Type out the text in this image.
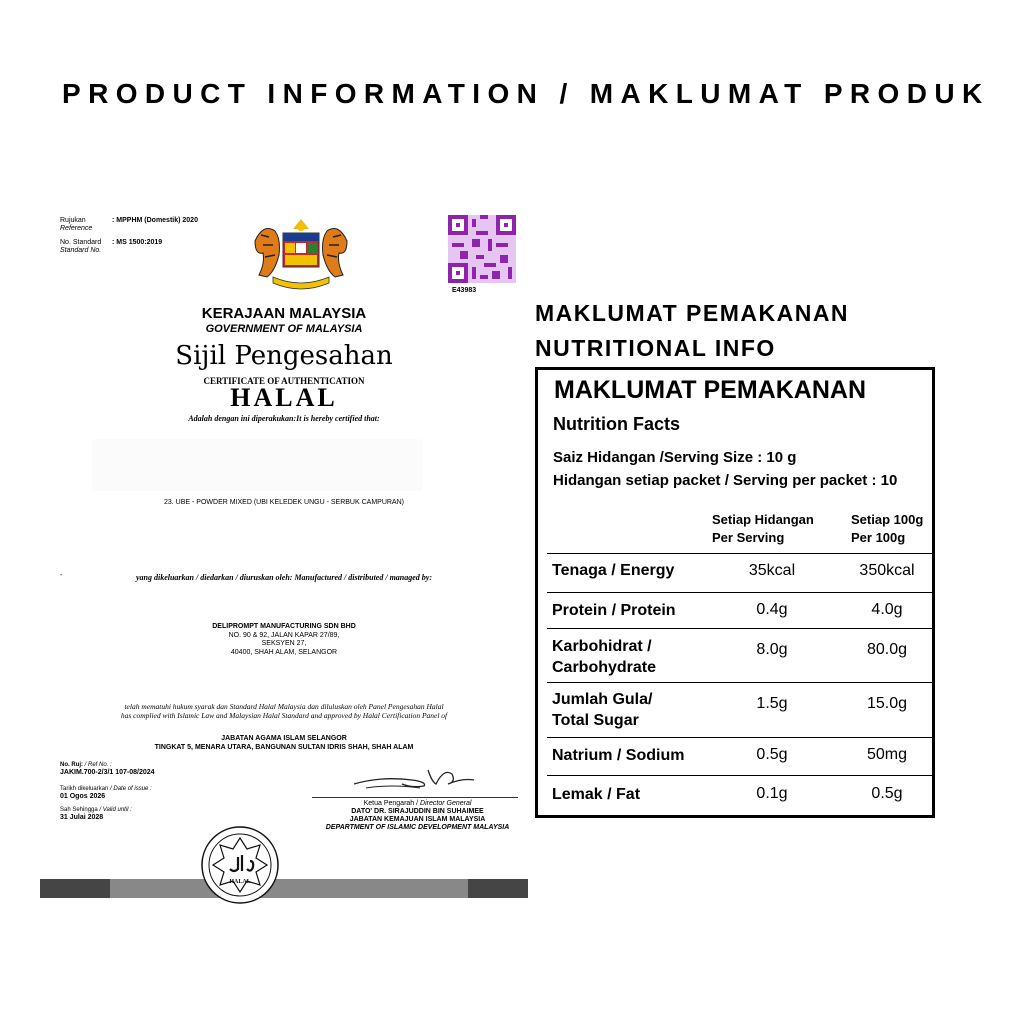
PRODUCT INFORMATION / MAKLUMAT PRODUK
Rujukan
Reference
: MPPHM (Domestik) 2020
No. Standard
Standard No.
: MS 1500:2019
E43983
KERAJAAN MALAYSIA
GOVERNMENT OF MALAYSIA
Sijil Pengesahan
CERTIFICATE OF AUTHENTICATION
HALAL
Adalah dengan ini diperakukan:It is hereby certified that:
23. UBE - POWDER MIXED (UBI KELEDEK UNGU - SERBUK CAMPURAN)
-	yang dikeluarkan / diedarkan / diuruskan oleh: Manufactured / distributed / managed by:
DELIPROMPT MANUFACTURING SDN BHD
NO. 90 & 92, JALAN KAPAR 27/89,
SEKSYEN 27,
40400, SHAH ALAM, SELANGOR
telah mematuhi hukum syarak dan Standard Halal Malaysia dan diluluskan oleh Panel Pengesahan Halal
has complied with Islamic Law and Malaysian Halal Standard and approved by Halal Certification Panel of
JABATAN AGAMA ISLAM SELANGOR
TINGKAT 5, MENARA UTARA, BANGUNAN SULTAN IDRIS SHAH, SHAH ALAM
No. Ruj: / Ref No. :
JAKIM.700-2/3/1 107-08/2024
Tarikh dikeluarkan / Date of issue :
01 Ogos 2026
Sah Sehingga / Valid until :
31 Julai 2028
Ketua Pengarah / Director General
DATO' DR. SIRAJUDDIN BIN SUHAIMEE
JABATAN KEMAJUAN ISLAM MALAYSIA
DEPARTMENT OF ISLAMIC DEVELOPMENT MALAYSIA
HALAL
MAKLUMAT PEMAKANAN
NUTRITIONAL INFO
MAKLUMAT PEMAKANAN
Nutrition Facts
Saiz Hidangan /Serving Size : 10 g
Hidangan setiap packet / Serving per packet : 10
Setiap Hidangan
Per Serving
Setiap 100g
Per 100g
Tenaga / Energy	35kcal	350kcal
Protein / Protein	0.4g	4.0g
Karbohidrat /
Carbohydrate
8.0g	80.0g
Jumlah Gula/
Total Sugar
1.5g	15.0g
Natrium / Sodium	0.5g	50mg
Lemak / Fat	0.1g	0.5g
